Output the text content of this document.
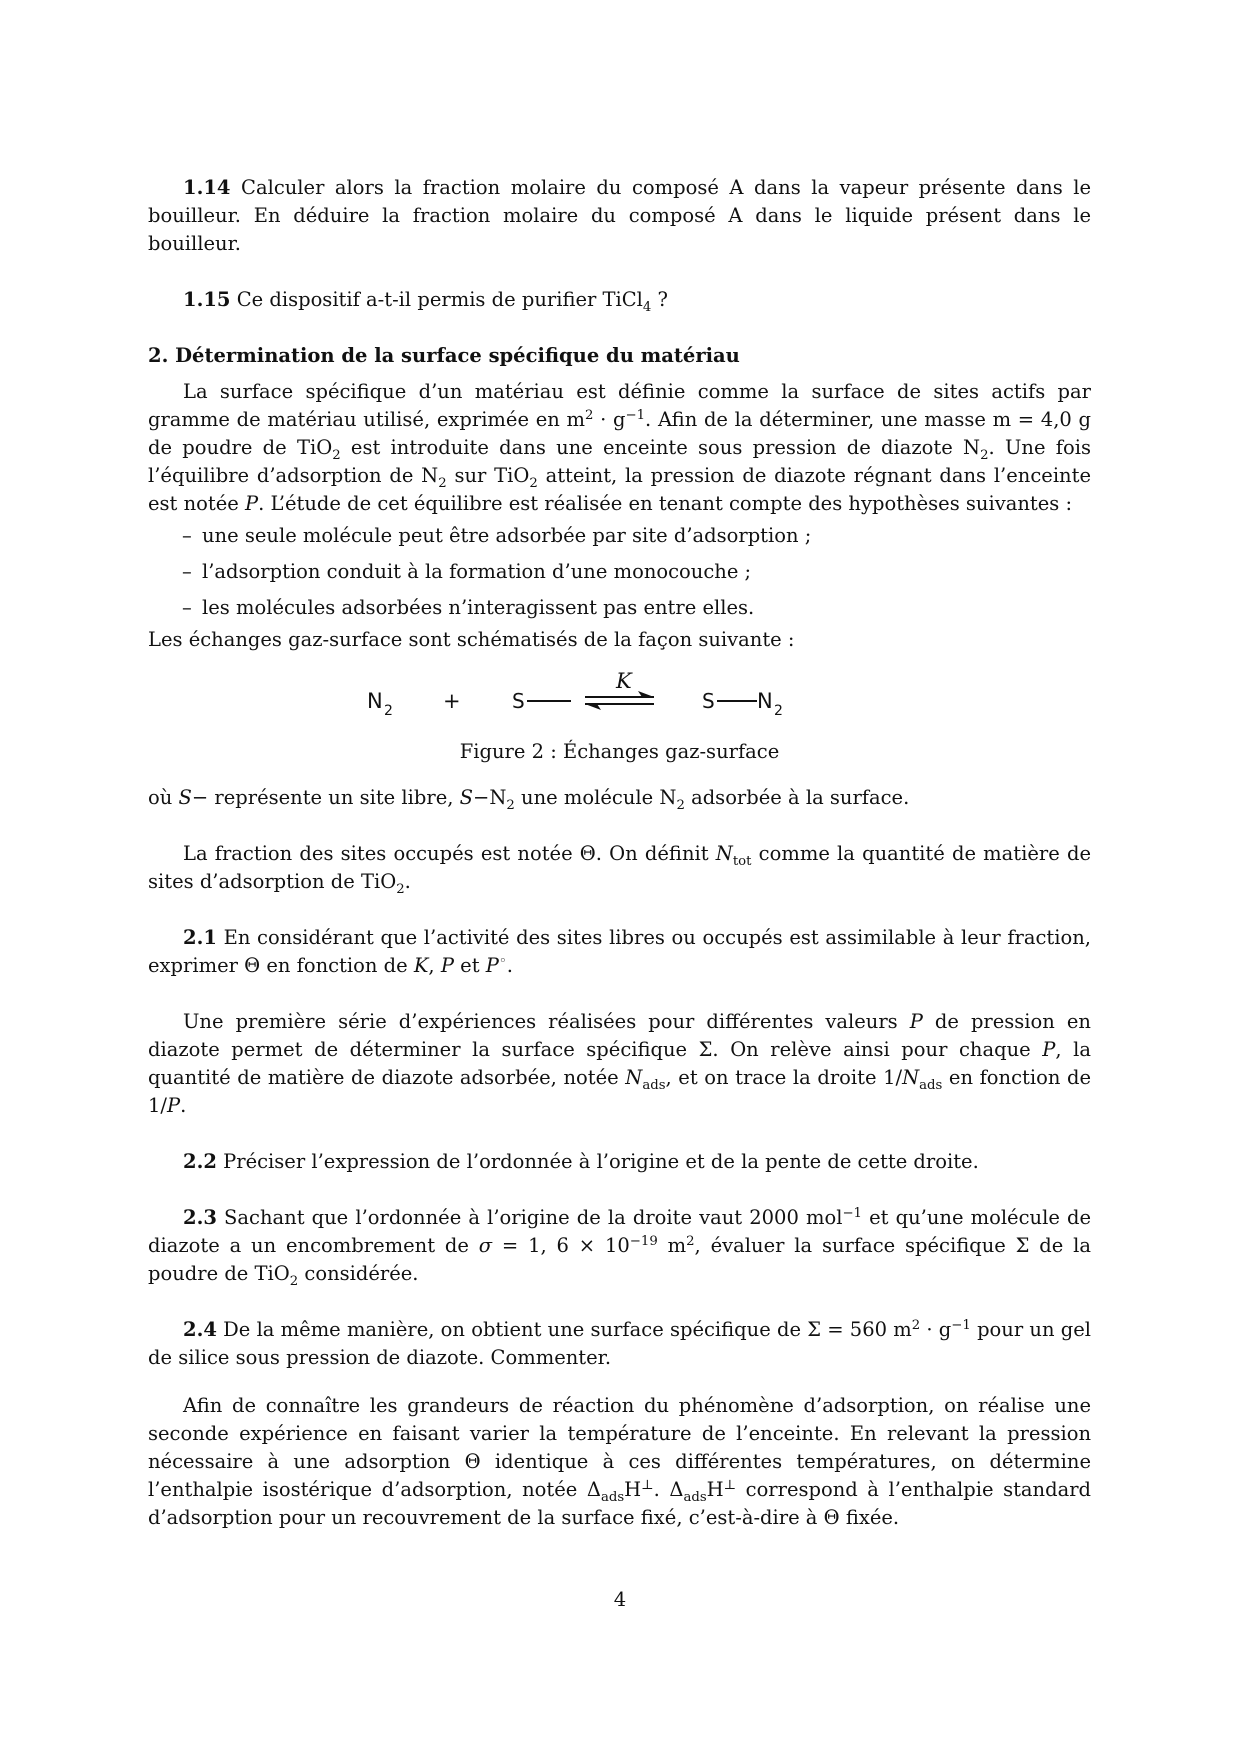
1.14 Calculer alors la fraction molaire du composé A dans la vapeur présente dans le bouilleur. En déduire la fraction molaire du composé A dans le liquide présent dans le bouilleur.

1.15 Ce dispositif a-t-il permis de purifier TiCl$_4$ ?

2. Détermination de la surface spécifique du matériau

La surface spécifique d’un matériau est définie comme la surface de sites actifs par gramme de matériau utilisé, exprimée en $m^2 \cdot g^{-1}$. Afin de la déterminer, une masse m = 4,0 g de poudre de TiO$_2$ est introduite dans une enceinte sous pression de diazote $N_2$. Une fois l’équilibre d’adsorption de $N_2$ sur TiO$_2$ atteint, la pression de diazote régnant dans l’enceinte est notée P. L’étude de cet équilibre est réalisée en tenant compte des hypothèses suivantes :

– une seule molécule peut être adsorbée par site d’adsorption ;
– l’adsorption conduit à la formation d’une monocouche ;
– les molécules adsorbées n’interagissent pas entre elles.

Les échanges gaz-surface sont schématisés de la façon suivante :

N 2 +	S
K
S N 2
Figure 2 : Échanges gaz-surface

où S− représente un site libre, $S-N_2$ une molécule $N_2$ adsorbée à la surface.

La fraction des sites occupés est notée Θ. On définit $N_{tot}$ comme la quantité de matière de sites d’adsorption de TiO$_2$.

2.1 En considérant que l’activité des sites libres ou occupés est assimilable à leur fraction, exprimer Θ en fonction de K, P et P◦.

Une première série d’expériences réalisées pour différentes valeurs P de pression en diazote permet de déterminer la surface spécifique Σ. On relève ainsi pour chaque P, la quantité de matière de diazote adsorbée, notée $N_{ads}$, et on trace la droite $1/N_{ads}$ en fonction de 1/P.

2.2 Préciser l’expression de l’ordonnée à l’origine et de la pente de cette droite.

2.3 Sachant que l’ordonnée à l’origine de la droite vaut 2000 mol$^{-1}$ et qu’une molécule de diazote a un encombrement de σ = 1, $6 \times 10^{-19}$ $m^2$, évaluer la surface spécifique Σ de la poudre de TiO$_2$ considérée.

2.4 De la même manière, on obtient une surface spécifique de Σ = 560 $m^2 \cdot g^{-1}$ pour un gel de silice sous pression de diazote. Commenter.

Afin de connaître les grandeurs de réaction du phénomène d’adsorption, on réalise une seconde expérience en faisant varier la température de l’enceinte. En relevant la pression nécessaire à une adsorption Θ identique à ces différentes températures, on détermine l’enthalpie isostérique d’adsorption, notée $\Delta_{ads}H^\perp$. $\Delta_{ads}H^\perp$ correspond à l’enthalpie standard d’adsorption pour un recouvrement de la surface fixé, c’est-à-dire à Θ fixée.

4
